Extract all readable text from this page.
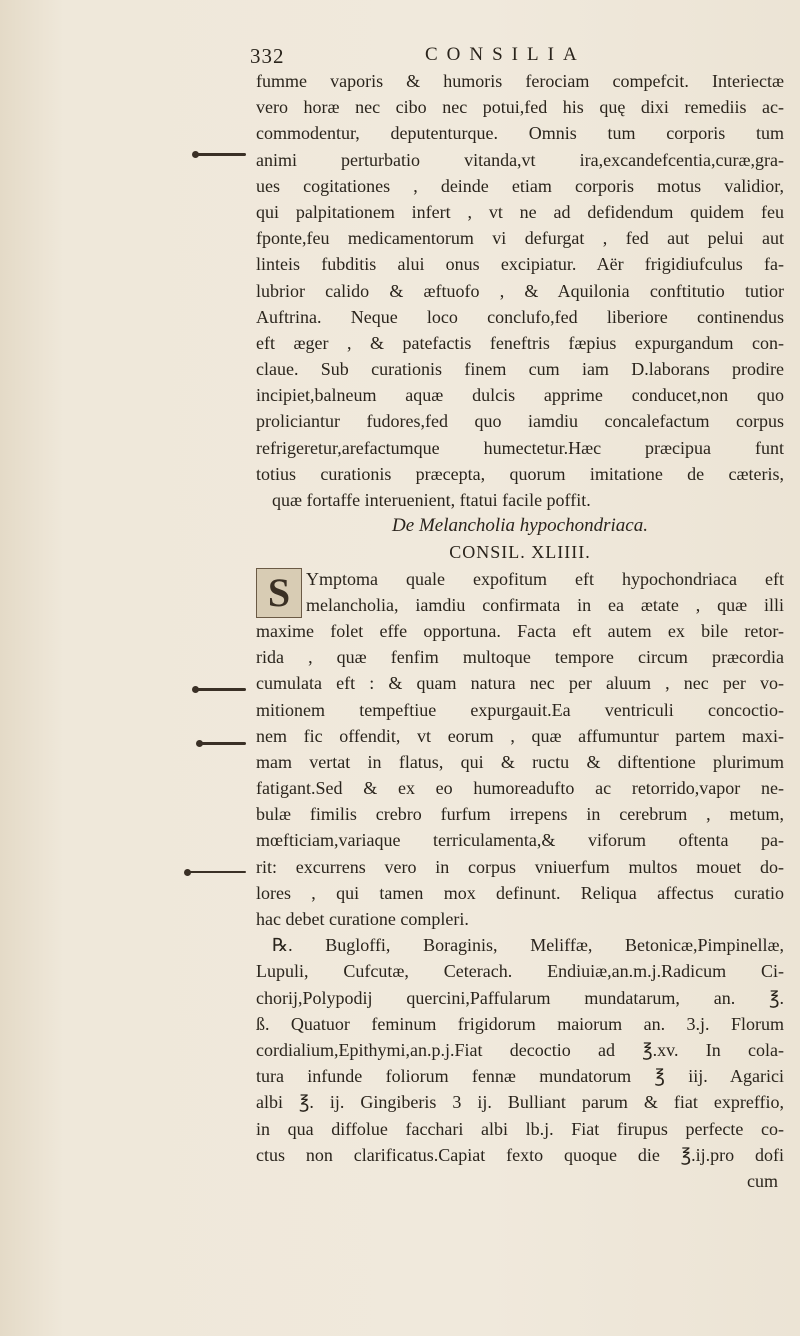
332	CONSILIA
fumme vaporis & humoris ferociam compefcit. Interiectæ
vero horæ nec cibo nec potui,fed his quę dixi remediis ac-
commodentur, deputenturque. Omnis tum corporis tum
animi perturbatio vitanda,vt ira,excandefcentia,curæ,gra-
ues cogitationes , deinde etiam corporis motus validior,
qui palpitationem infert , vt ne ad defidendum quidem feu
fponte,feu medicamentorum vi defurgat , fed aut pelui aut
linteis fubditis alui onus excipiatur. Aër frigidiufculus fa-
lubrior calido & æftuofo , & Aquilonia conftitutio tutior
Auftrina. Neque loco conclufo,fed liberiore continendus
eft æger , & patefactis feneftris fæpius expurgandum con-
claue. Sub curationis finem cum iam D.laborans prodire
incipiet,balneum aquæ dulcis apprime conducet,non quo
proliciantur fudores,fed quo iamdiu concalefactum corpus
refrigeretur,arefactumque humectetur.Hæc præcipua funt
totius curationis præcepta, quorum imitatione de cæteris,
quæ fortaffe interuenient, ftatui facile poffit.
De Melancholia hypochondriaca.
CONSIL. XLIIII.
S Ymptoma quale expofitum eft hypochondriaca eft
melancholia, iamdiu confirmata in ea ætate , quæ illi
maxime folet effe opportuna. Facta eft autem ex bile retor-
rida , quæ fenfim multoque tempore circum præcordia
cumulata eft : & quam natura nec per aluum , nec per vo-
mitionem tempeftiue expurgauit.Ea ventriculi concoctio-
nem fic offendit, vt eorum , quæ affumuntur partem maxi-
mam vertat in flatus, qui & ructu & diftentione plurimum
fatigant.Sed & ex eo humoreadufto ac retorrido,vapor ne-
bulæ fimilis crebro furfum irrepens in cerebrum , metum,
mœfticiam,variaque terriculamenta,& viforum oftenta pa-
rit: excurrens vero in corpus vniuerfum multos mouet do-
lores , qui tamen mox definunt. Reliqua affectus curatio
hac debet curatione compleri.
℞. Bugloffi, Boraginis, Meliffæ, Betonicæ,Pimpinellæ,
Lupuli, Cufcutæ, Ceterach. Endiuiæ,an.m.j.Radicum Ci-
chorij,Polypodij quercini,Paffularum mundatarum, an. ℥.
ß. Quatuor feminum frigidorum maiorum an. 3.j. Florum
cordialium,Epithymi,an.p.j.Fiat decoctio ad ℥.xv. In cola-
tura infunde foliorum fennæ mundatorum ℥ iij. Agarici
albi ℥. ij. Gingiberis 3 ij. Bulliant parum & fiat expreffio,
in qua diffolue facchari albi lb.j. Fiat firupus perfecte co-
ctus non clarificatus.Capiat fexto quoque die ℥.ij.pro dofi
cum
